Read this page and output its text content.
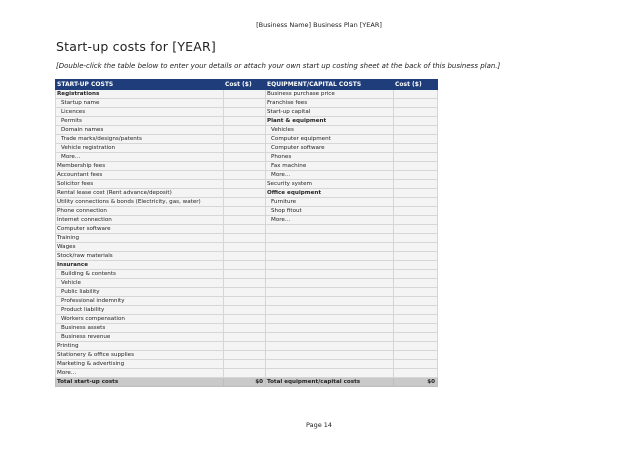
[Business Name] Business Plan [YEAR]
Start-up costs for [YEAR]
[Double-click the table below to enter your details or attach your own start up costing sheet at the back of this business plan.]
START-UP COSTS	Cost ($)	EQUIPMENT/CAPITAL COSTS	Cost ($)
Registrations		Business purchase price	
Startup name		Franchise fees	
Licences		Start-up capital	
Permits		Plant & equipment	
Domain names		Vehicles	
Trade marks/designs/patents		Computer equipment	
Vehicle registration		Computer software	
More...		Phones	
Membership fees		Fax machine	
Accountant fees		More...	
Solicitor fees		Security system	
Rental lease cost (Rent advance/deposit)		Office equipment	
Utility connections & bonds (Electricity, gas, water)		Furniture	
Phone connection		Shop fitout	
Internet connection		More...	
Computer software			
Training			
Wages			
Stock/raw materials			
Insurance			
Building & contents			
Vehicle			
Public liability			
Professional indemnity			
Product liability			
Workers compensation			
Business assets			
Business revenue			
Printing			
Stationery & office supplies			
Marketing & advertising			
More...			
Total start-up costs	$0	Total equipment/capital costs	$0
Page 14
